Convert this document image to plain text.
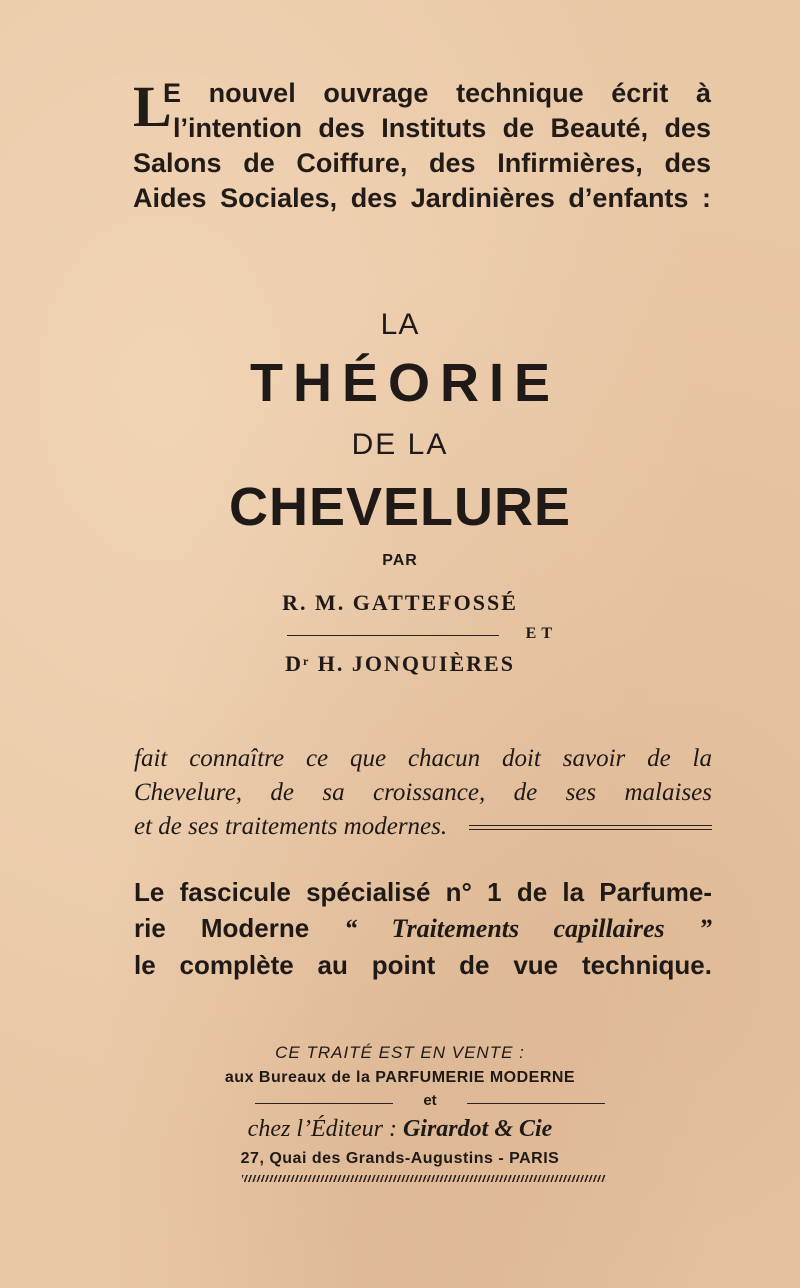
L
E nouvel ouvrage technique écrit à
l’intention des Instituts de Beauté, des
Salons de Coiffure, des Infirmières, des
Aides Sociales, des Jardinières d’enfants :
LA
THÉORIE
DE LA
CHEVELURE
PAR
R. M. GATTEFOSSÉ
ET
$D^r$ H. JONQUIÈRES
fait connaître ce que chacun doit savoir de la
Chevelure, de sa croissance, de ses malaises
et de ses traitements modernes.
Le fascicule spécialisé n° 1 de la Parfume-
rie Moderne “ Traitements capillaires ”
le complète au point de vue technique.
CE TRAITÉ EST EN VENTE :
aux Bureaux de la PARFUMERIE MODERNE
et
chez l’Éditeur : Girardot & Cie
27, Quai des Grands-Augustins - PARIS
